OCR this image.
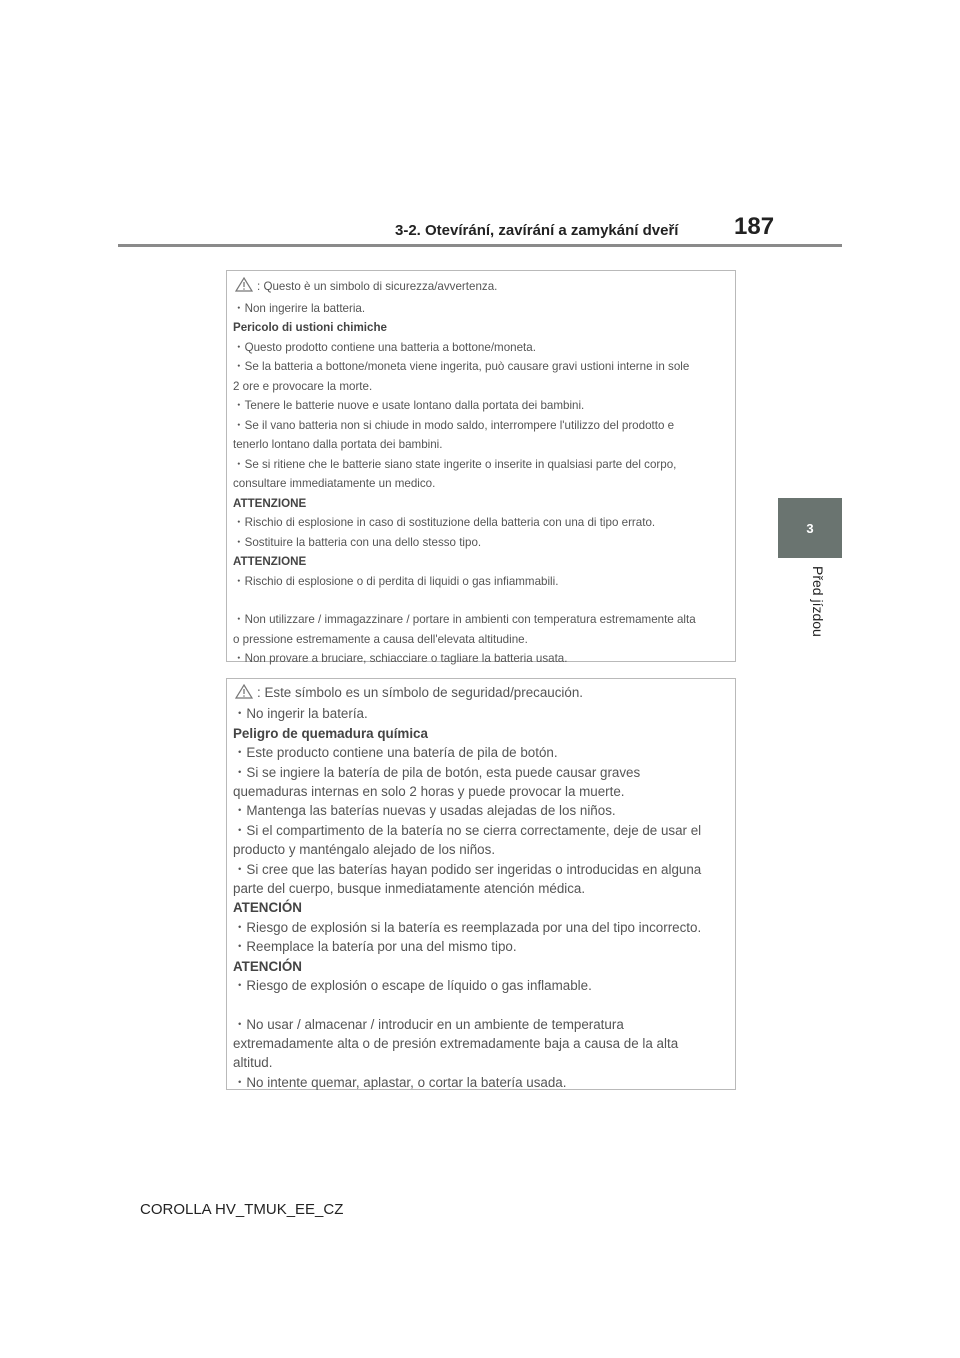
3-2. Otevírání, zavírání a zamykání dveří 187
3
Před jízdou
: Questo è un simbolo di sicurezza/avvertenza.
・Non ingerire la batteria.
Pericolo di ustioni chimiche
・Questo prodotto contiene una batteria a bottone/moneta.
・Se la batteria a bottone/moneta viene ingerita, può causare gravi ustioni interne in sole
2 ore e provocare la morte.
・Tenere le batterie nuove e usate lontano dalla portata dei bambini.
・Se il vano batteria non si chiude in modo saldo, interrompere l'utilizzo del prodotto e
tenerlo lontano dalla portata dei bambini.
・Se si ritiene che le batterie siano state ingerite o inserite in qualsiasi parte del corpo,
consultare immediatamente un medico.
ATTENZIONE
・Rischio di esplosione in caso di sostituzione della batteria con una di tipo errato.
・Sostituire la batteria con una dello stesso tipo.
ATTENZIONE
・Rischio di esplosione o di perdita di liquidi o gas infiammabili.
・Non utilizzare / immagazzinare / portare in ambienti con temperatura estremamente alta
o pressione estremamente a causa dell'elevata altitudine.
・Non provare a bruciare, schiacciare o tagliare la batteria usata.
: Este símbolo es un símbolo de seguridad/precaución.
・No ingerir la batería.
Peligro de quemadura química
・Este producto contiene una batería de pila de botón.
・Si se ingiere la batería de pila de botón, esta puede causar graves
quemaduras internas en solo 2 horas y puede provocar la muerte.
・Mantenga las baterías nuevas y usadas alejadas de los niños.
・Si el compartimento de la batería no se cierra correctamente, deje de usar el
producto y manténgalo alejado de los niños.
・Si cree que las baterías hayan podido ser ingeridas o introducidas en alguna
parte del cuerpo, busque inmediatamente atención médica.
ATENCIÓN
・Riesgo de explosión si la batería es reemplazada por una del tipo incorrecto.
・Reemplace la batería por una del mismo tipo.
ATENCIÓN
・Riesgo de explosión o escape de líquido o gas inflamable.
・No usar / almacenar / introducir en un ambiente de temperatura
extremadamente alta o de presión extremadamente baja a causa de la alta
altitud.
・No intente quemar, aplastar, o cortar la batería usada.
COROLLA HV_TMUK_EE_CZ
